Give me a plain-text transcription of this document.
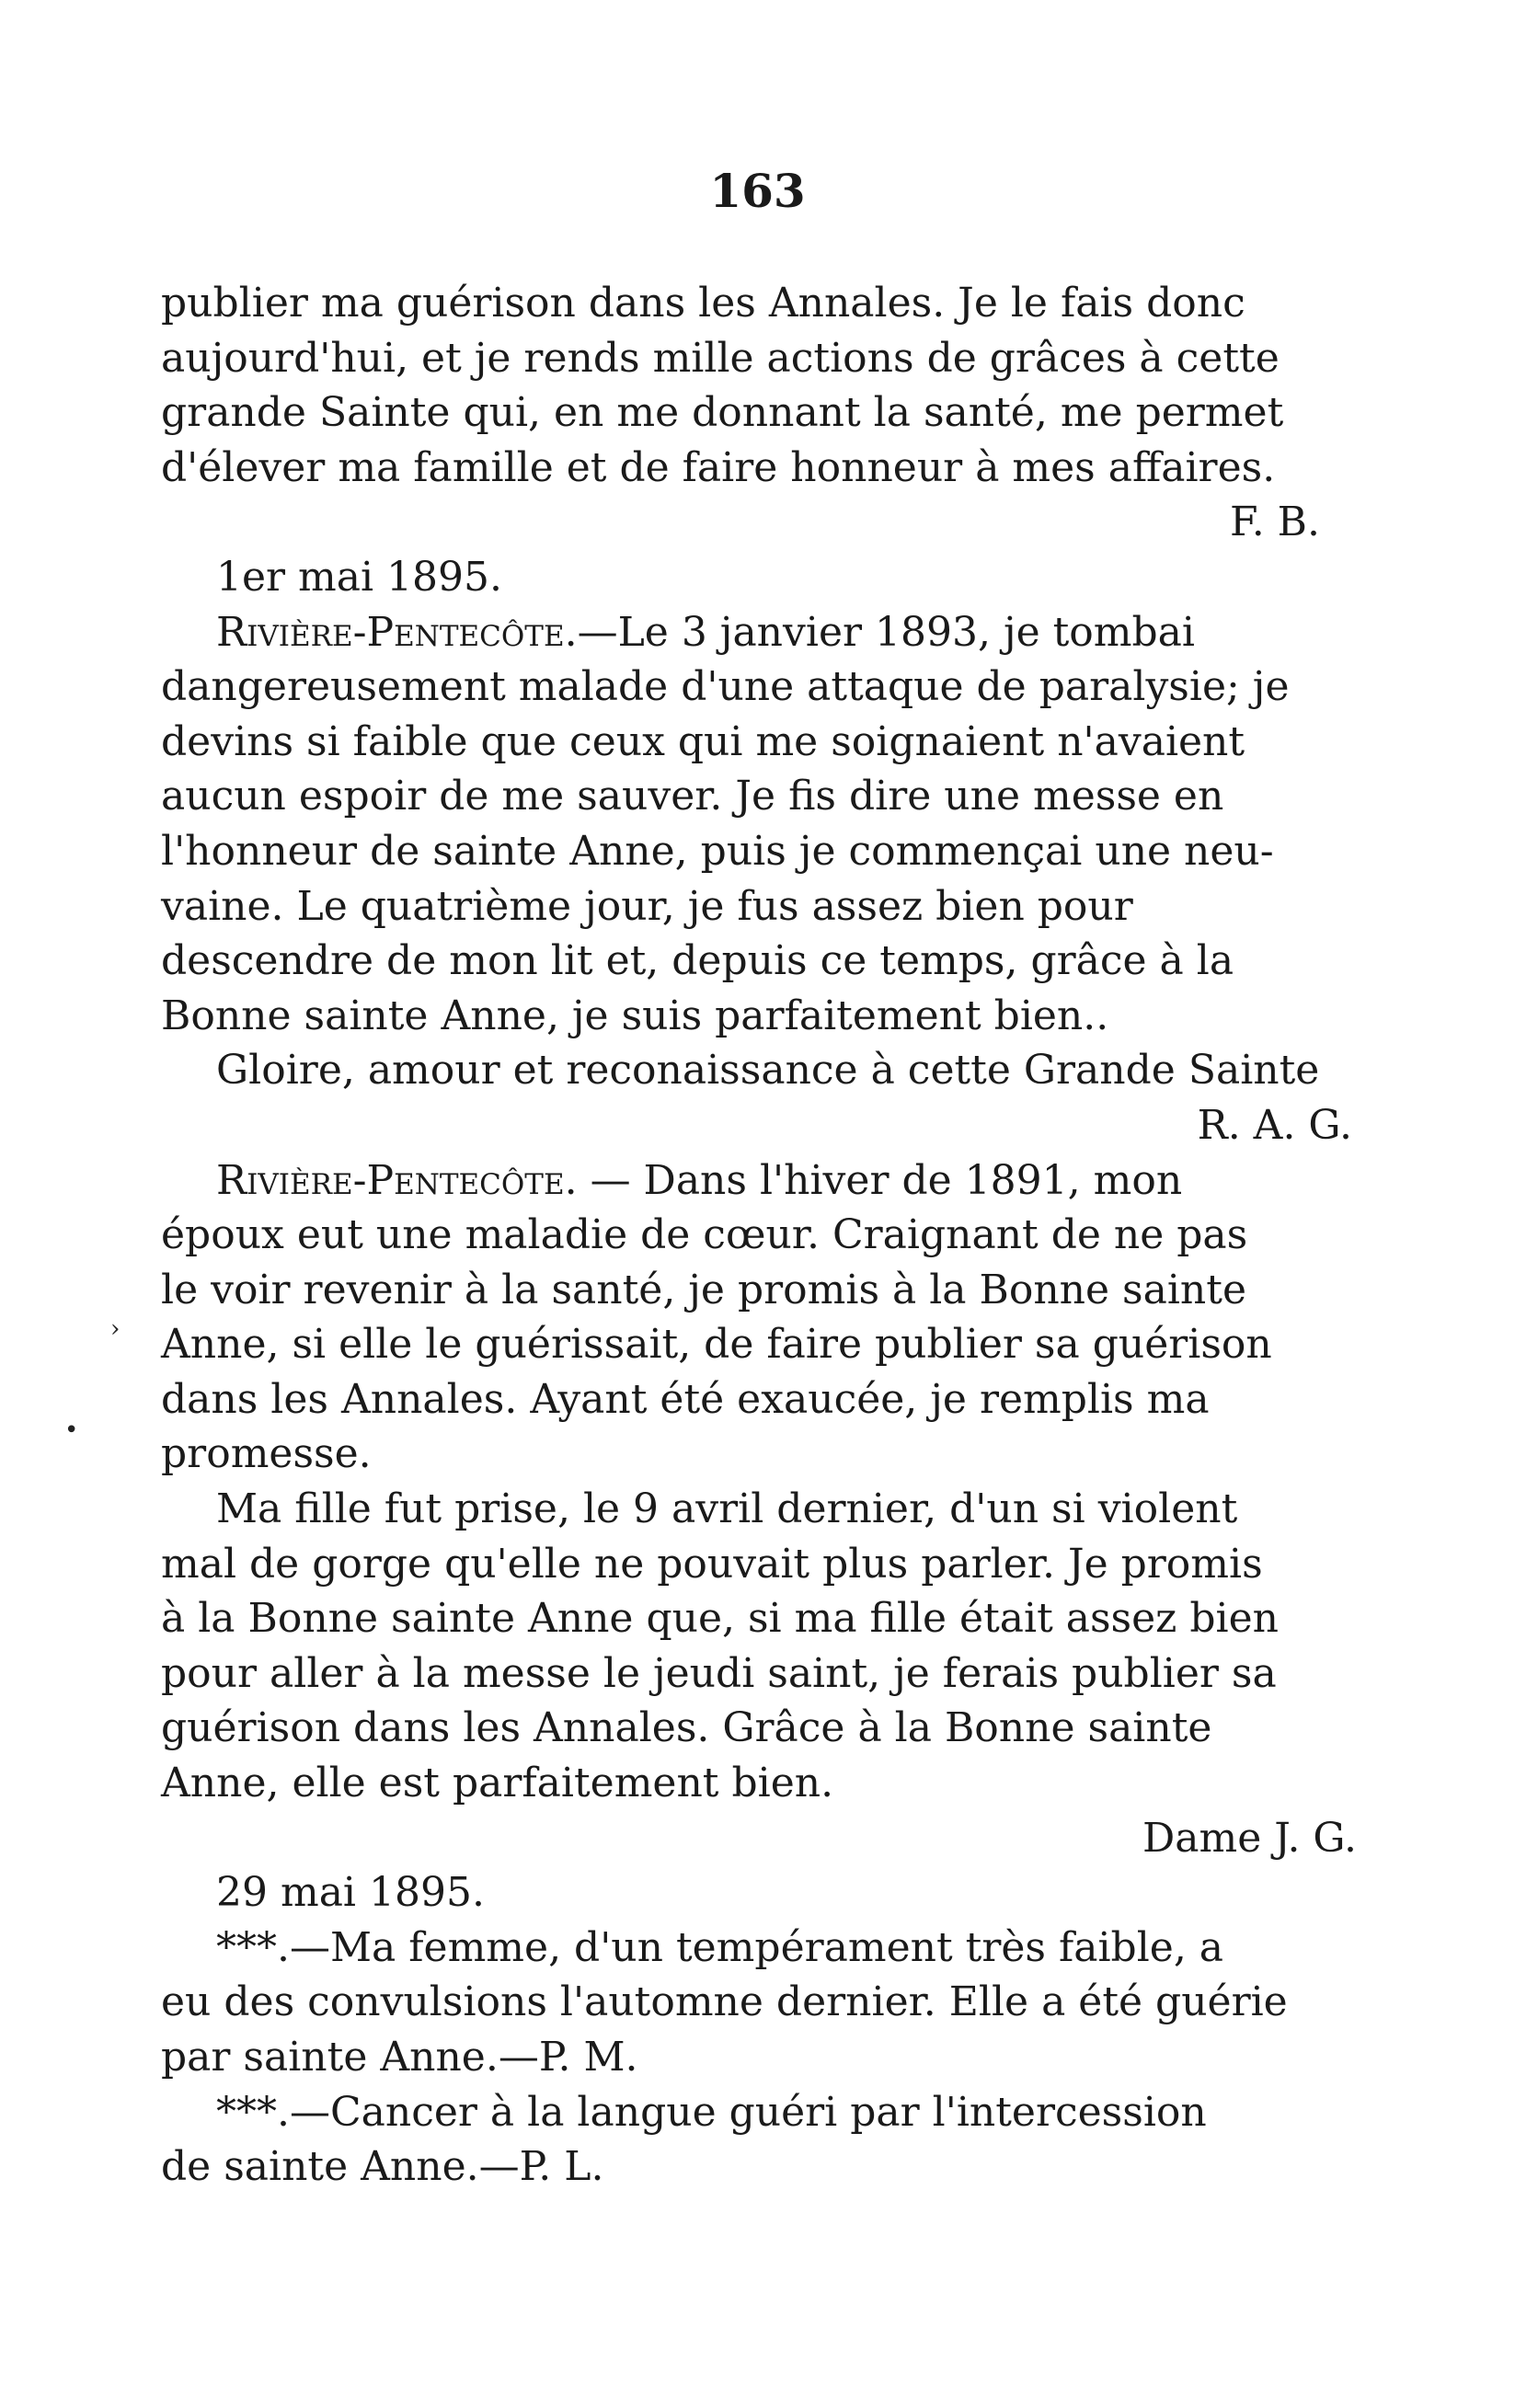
163
publier ma guérison dans les Annales. Je le fais donc
aujourd'hui, et je rends mille actions de grâces à cette
grande Sainte qui, en me donnant la santé, me permet
d'élever ma famille et de faire honneur à mes affaires.
F. B.
1er mai 1895.
Rivière-Pentecôte.—Le 3 janvier 1893, je tombai
dangereusement malade d'une attaque de paralysie; je
devins si faible que ceux qui me soignaient n'avaient
aucun espoir de me sauver. Je fis dire une messe en
l'honneur de sainte Anne, puis je commençai une neu-
vaine. Le quatrième jour, je fus assez bien pour
descendre de mon lit et, depuis ce temps, grâce à la
Bonne sainte Anne, je suis parfaitement bien..
Gloire, amour et reconaissance à cette Grande Sainte
R. A. G.
Rivière-Pentecôte. — Dans l'hiver de 1891, mon
époux eut une maladie de cœur. Craignant de ne pas
le voir revenir à la santé, je promis à la Bonne sainte
Anne, si elle le guérissait, de faire publier sa guérison
dans les Annales. Ayant été exaucée, je remplis ma
promesse.
Ma fille fut prise, le 9 avril dernier, d'un si violent
mal de gorge qu'elle ne pouvait plus parler. Je promis
à la Bonne sainte Anne que, si ma fille était assez bien
pour aller à la messe le jeudi saint, je ferais publier sa
guérison dans les Annales. Grâce à la Bonne sainte
Anne, elle est parfaitement bien.
Dame J. G.
29 mai 1895.
***.—Ma femme, d'un tempérament très faible, a
eu des convulsions l'automne dernier. Elle a été guérie
par sainte Anne.—P. M.
***.—Cancer à la langue guéri par l'intercession
de sainte Anne.—P. L.
›
•
